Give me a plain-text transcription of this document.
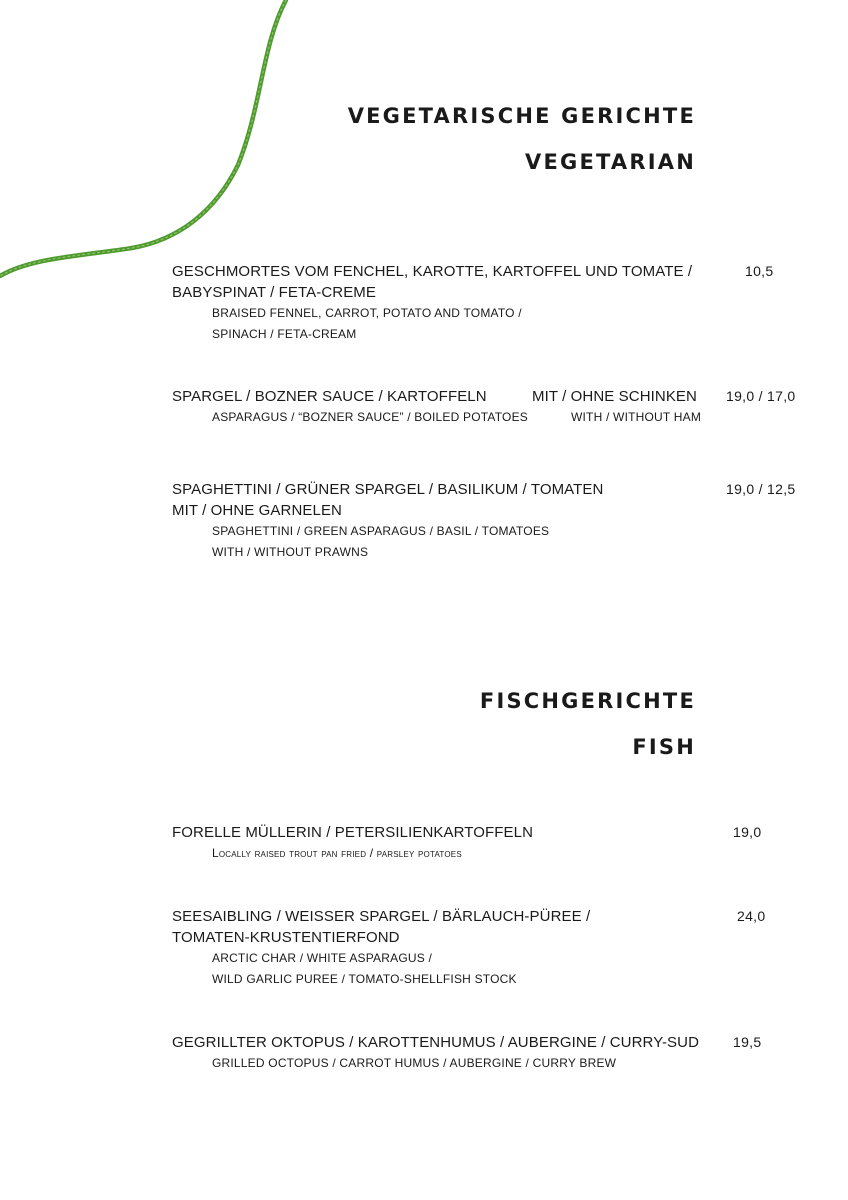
VEGETARISCHE GERICHTE
VEGETARIAN
GESCHMORTES VOM FENCHEL, KAROTTE, KARTOFFEL UND TOMATE /
BABYSPINAT / FETA-CREME
BRAISED FENNEL, CARROT, POTATO AND TOMATO /
SPINACH / FETA-CREAM
10,5
SPARGEL / BOZNER SAUCE / KARTOFFELN
ASPARAGUS / “BOZNER SAUCE” / BOILED POTATOES
MIT / OHNE SCHINKEN
WITH / WITHOUT HAM
19,0 / 17,0
SPAGHETTINI / GRÜNER SPARGEL / BASILIKUM / TOMATEN
MIT / OHNE GARNELEN
SPAGHETTINI / GREEN ASPARAGUS / BASIL / TOMATOES
WITH / WITHOUT PRAWNS
19,0 / 12,5
FISCHGERICHTE
FISH
FORELLE MÜLLERIN / PETERSILIENKARTOFFELN
Locally raised trout pan fried / parsley potatoes
19,0
SEESAIBLING / WEISSER SPARGEL / BÄRLAUCH-PÜREE /
TOMATEN-KRUSTENTIERFOND
ARCTIC CHAR / WHITE ASPARAGUS /
WILD GARLIC PUREE / TOMATO-SHELLFISH STOCK
24,0
GEGRILLTER OKTOPUS / KAROTTENHUMUS / AUBERGINE / CURRY-SUD
GRILLED OCTOPUS / CARROT HUMUS / AUBERGINE / CURRY BREW
19,5
